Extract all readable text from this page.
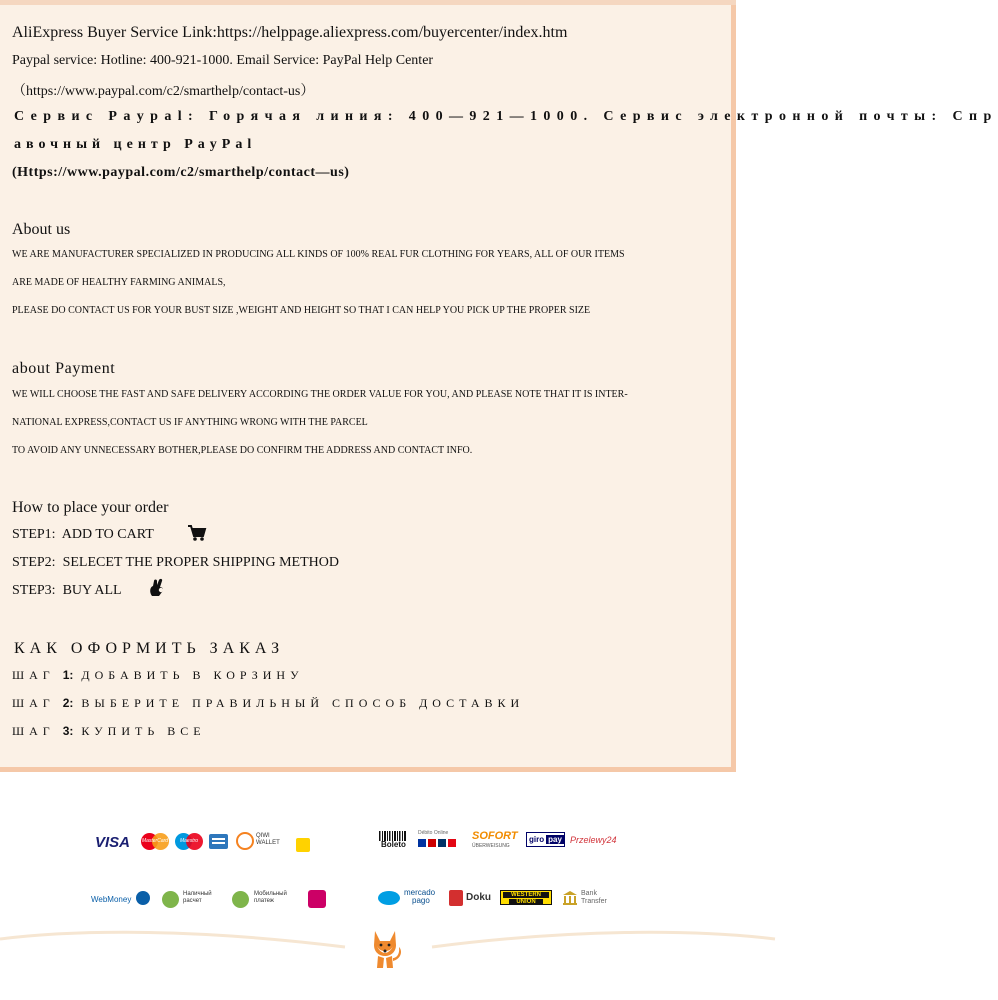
AliExpress Buyer Service Link:https://helppage.aliexpress.com/buyercenter/index.htm
Paypal service: Hotline: 400-921-1000. Email Service: PayPal Help Center
（https://www.paypal.com/c2/smarthelp/contact-us）
Сервис Paypal: Горячая линия: 400—921—1000. Сервис электронной почты: Спр
авочный центр PayPal
(Https://www.paypal.com/c2/smarthelp/contact—us)
About us
WE ARE MANUFACTURER SPECIALIZED IN PRODUCING ALL KINDS OF 100% REAL FUR CLOTHING FOR YEARS, ALL OF OUR ITEMS
ARE MADE OF HEALTHY FARMING ANIMALS,
PLEASE DO CONTACT US FOR YOUR BUST SIZE ,WEIGHT AND HEIGHT SO THAT I CAN HELP YOU PICK UP THE PROPER SIZE
about Payment
WE WILL CHOOSE THE FAST AND SAFE DELIVERY ACCORDING THE ORDER VALUE FOR YOU, AND PLEASE NOTE THAT IT IS INTER-
NATIONAL EXPRESS,CONTACT US IF ANYTHING WRONG WITH THE PARCEL
TO AVOID ANY UNNECESSARY BOTHER,PLEASE DO CONFIRM THE ADDRESS AND CONTACT INFO.
How to place your order
STEP1:  ADD TO CART
STEP2:  SELECET THE PROPER SHIPPING METHOD
STEP3:  BUY ALL
КАК ОФОРМИТЬ ЗАКАЗ
ШАГ 1: ДОБАВИТЬ В КОРЗИНУ
ШАГ 2: ВЫБЕРИТЕ ПРАВИЛЬНЫЙ СПОСОБ ДОСТАВКИ
ШАГ 3: КУПИТЬ ВСЕ
VISA MasterCard	Maestro
QIWI
WALLET	Boleto
Débito Online SOFORT
ÜBERWEISUNG
giro pay Przelewy24
WebMoney
Наличный
расчет
Мобильный
платеж
mercado
pago	Doku	WESTERN
UNION
Bank
Transfer
